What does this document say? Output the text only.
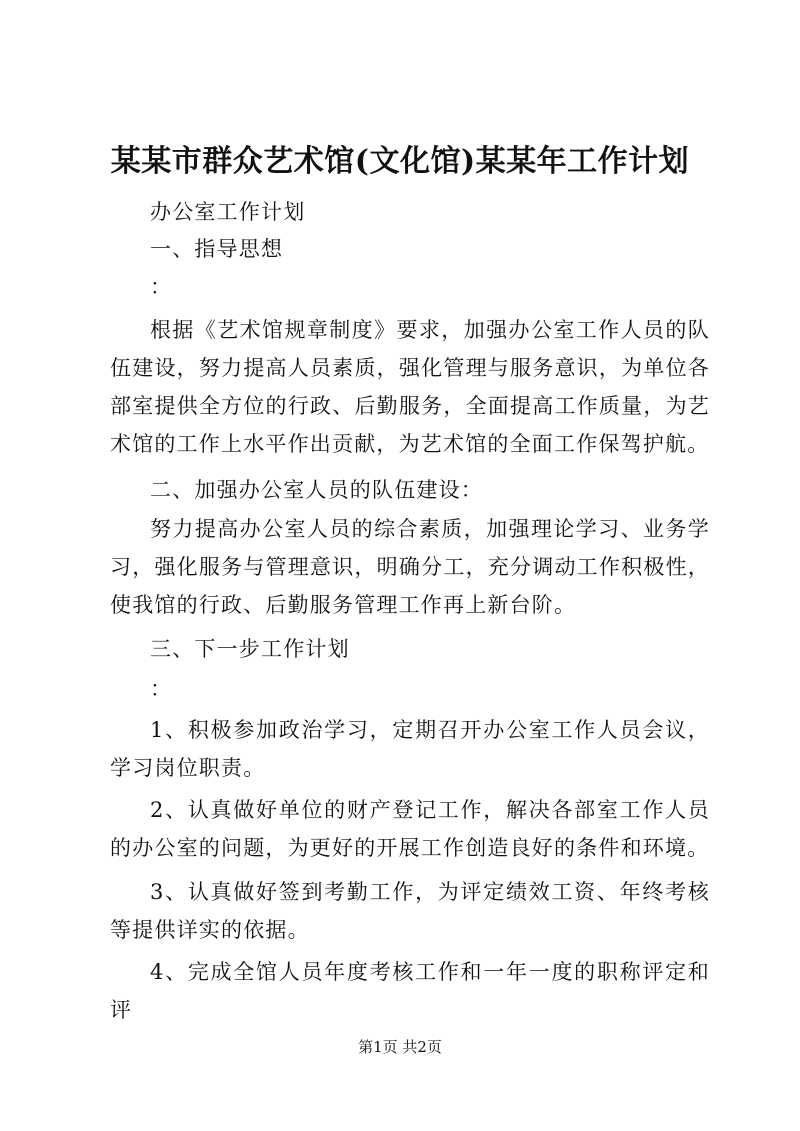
某某市群众艺术馆(文化馆)某某年工作计划

办公室工作计划

一、指导思想

：

根据《艺术馆规章制度》要求，加强办公室工作人员的队伍建设，努力提高人员素质，强化管理与服务意识，为单位各部室提供全方位的行政、后勤服务，全面提高工作质量，为艺术馆的工作上水平作出贡献，为艺术馆的全面工作保驾护航。

二、加强办公室人员的队伍建设：

努力提高办公室人员的综合素质，加强理论学习、业务学习，强化服务与管理意识，明确分工，充分调动工作积极性，使我馆的行政、后勤服务管理工作再上新台阶。

三、下一步工作计划

：

1、积极参加政治学习，定期召开办公室工作人员会议，学习岗位职责。

2、认真做好单位的财产登记工作，解决各部室工作人员的办公室的问题，为更好的开展工作创造良好的条件和环境。

3、认真做好签到考勤工作，为评定绩效工资、年终考核等提供详实的依据。

4、完成全馆人员年度考核工作和一年一度的职称评定和评

第1页 共2页
